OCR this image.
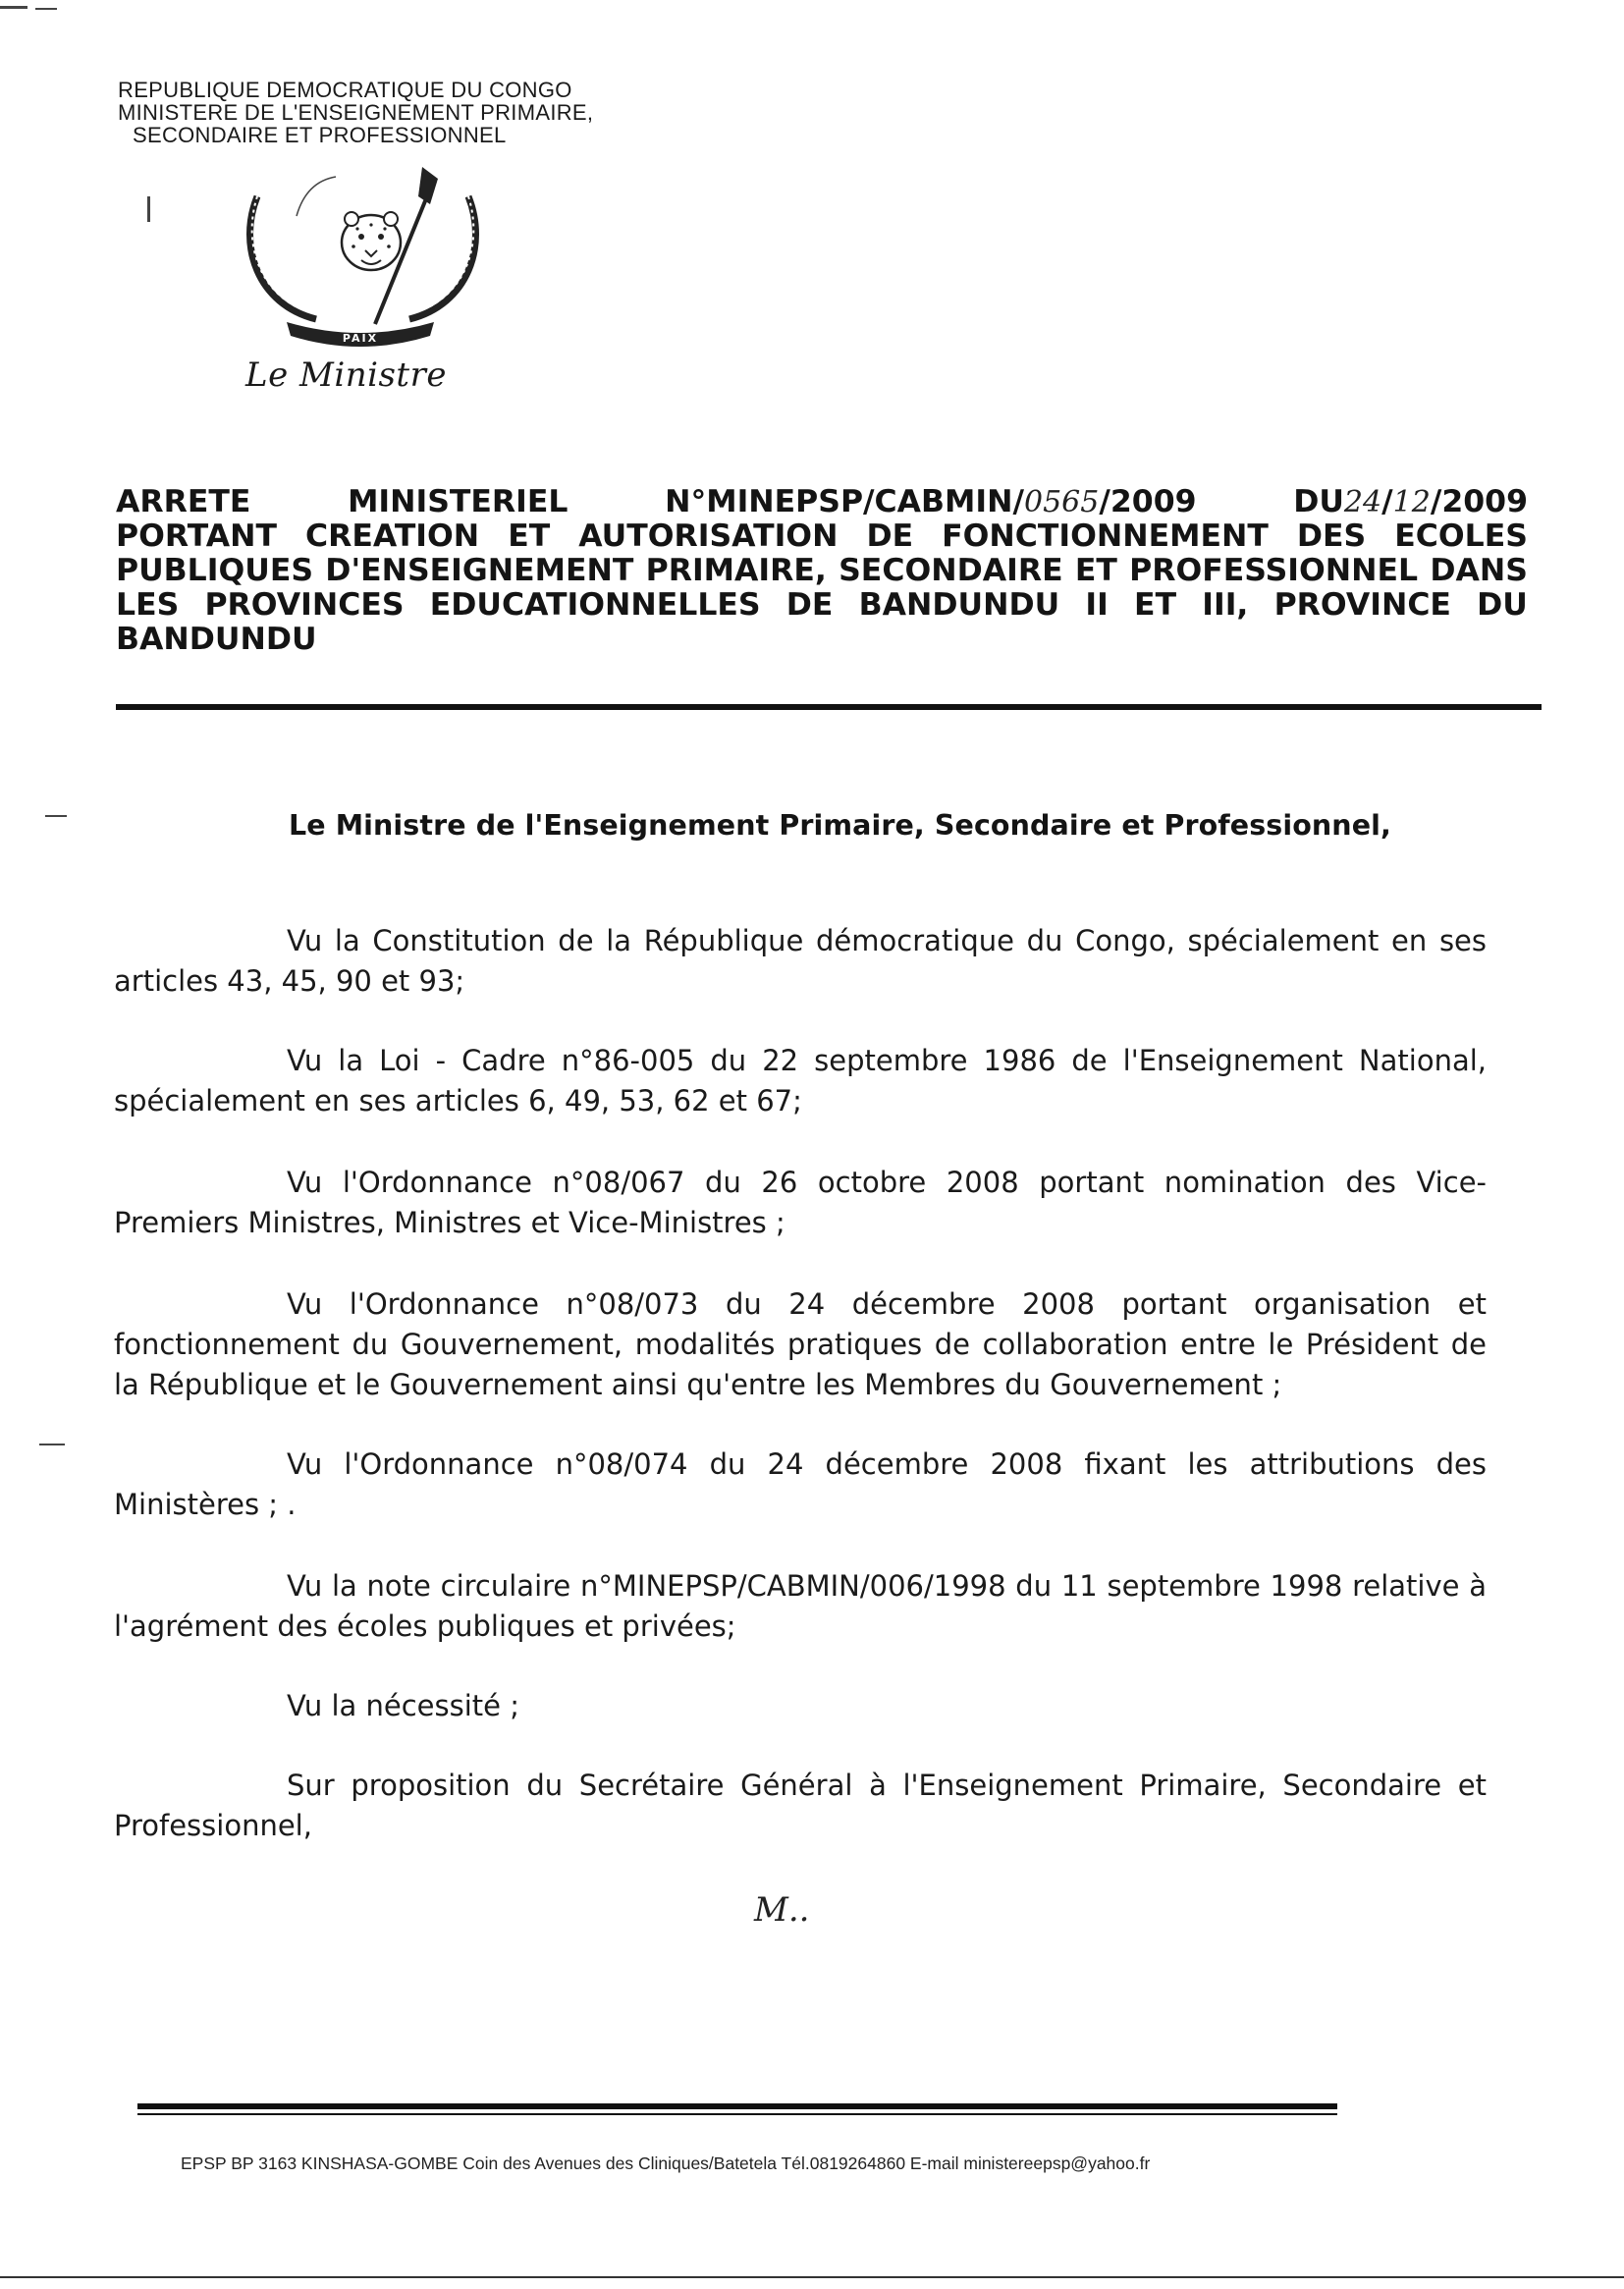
REPUBLIQUE DEMOCRATIQUE DU CONGO
MINISTERE DE L'ENSEIGNEMENT PRIMAIRE,
SECONDAIRE ET PROFESSIONNEL
PAIX
Le Ministre
ARRETE	MINISTERIEL	N°MINEPSP/CABMIN/0565/2009	DU24/12/2009
PORTANT CREATION ET AUTORISATION DE FONCTIONNEMENT DES ECOLES
PUBLIQUES D'ENSEIGNEMENT PRIMAIRE, SECONDAIRE ET PROFESSIONNEL DANS
LES PROVINCES EDUCATIONNELLES DE BANDUNDU II ET III, PROVINCE DU
BANDUNDU
Le Ministre de l'Enseignement Primaire, Secondaire et Professionnel,

Vu la Constitution de la République démocratique du Congo, spécialement en ses articles 43, 45, 90 et 93;

Vu la Loi - Cadre n°86-005 du 22 septembre 1986 de l'Enseignement National, spécialement en ses articles 6, 49, 53, 62 et 67;

Vu l'Ordonnance n°08/067 du 26 octobre 2008 portant nomination des Vice-Premiers Ministres, Ministres et Vice-Ministres ;

Vu l'Ordonnance n°08/073 du 24 décembre 2008 portant organisation et fonctionnement du Gouvernement, modalités pratiques de collaboration entre le Président de la République et le Gouvernement ainsi qu'entre les Membres du Gouvernement ;

Vu l'Ordonnance n°08/074 du 24 décembre 2008 fixant les attributions des Ministères ; .

Vu la note circulaire n°MINEPSP/CABMIN/006/1998 du 11 septembre 1998 relative à l'agrément des écoles publiques et privées;

Vu la nécessité ;

Sur proposition du Secrétaire Général à l'Enseignement Primaire, Secondaire et Professionnel,

M..
EPSP BP 3163 KINSHASA-GOMBE Coin des Avenues des Cliniques/Batetela Tél.0819264860 E-mail ministereepsp@yahoo.fr
